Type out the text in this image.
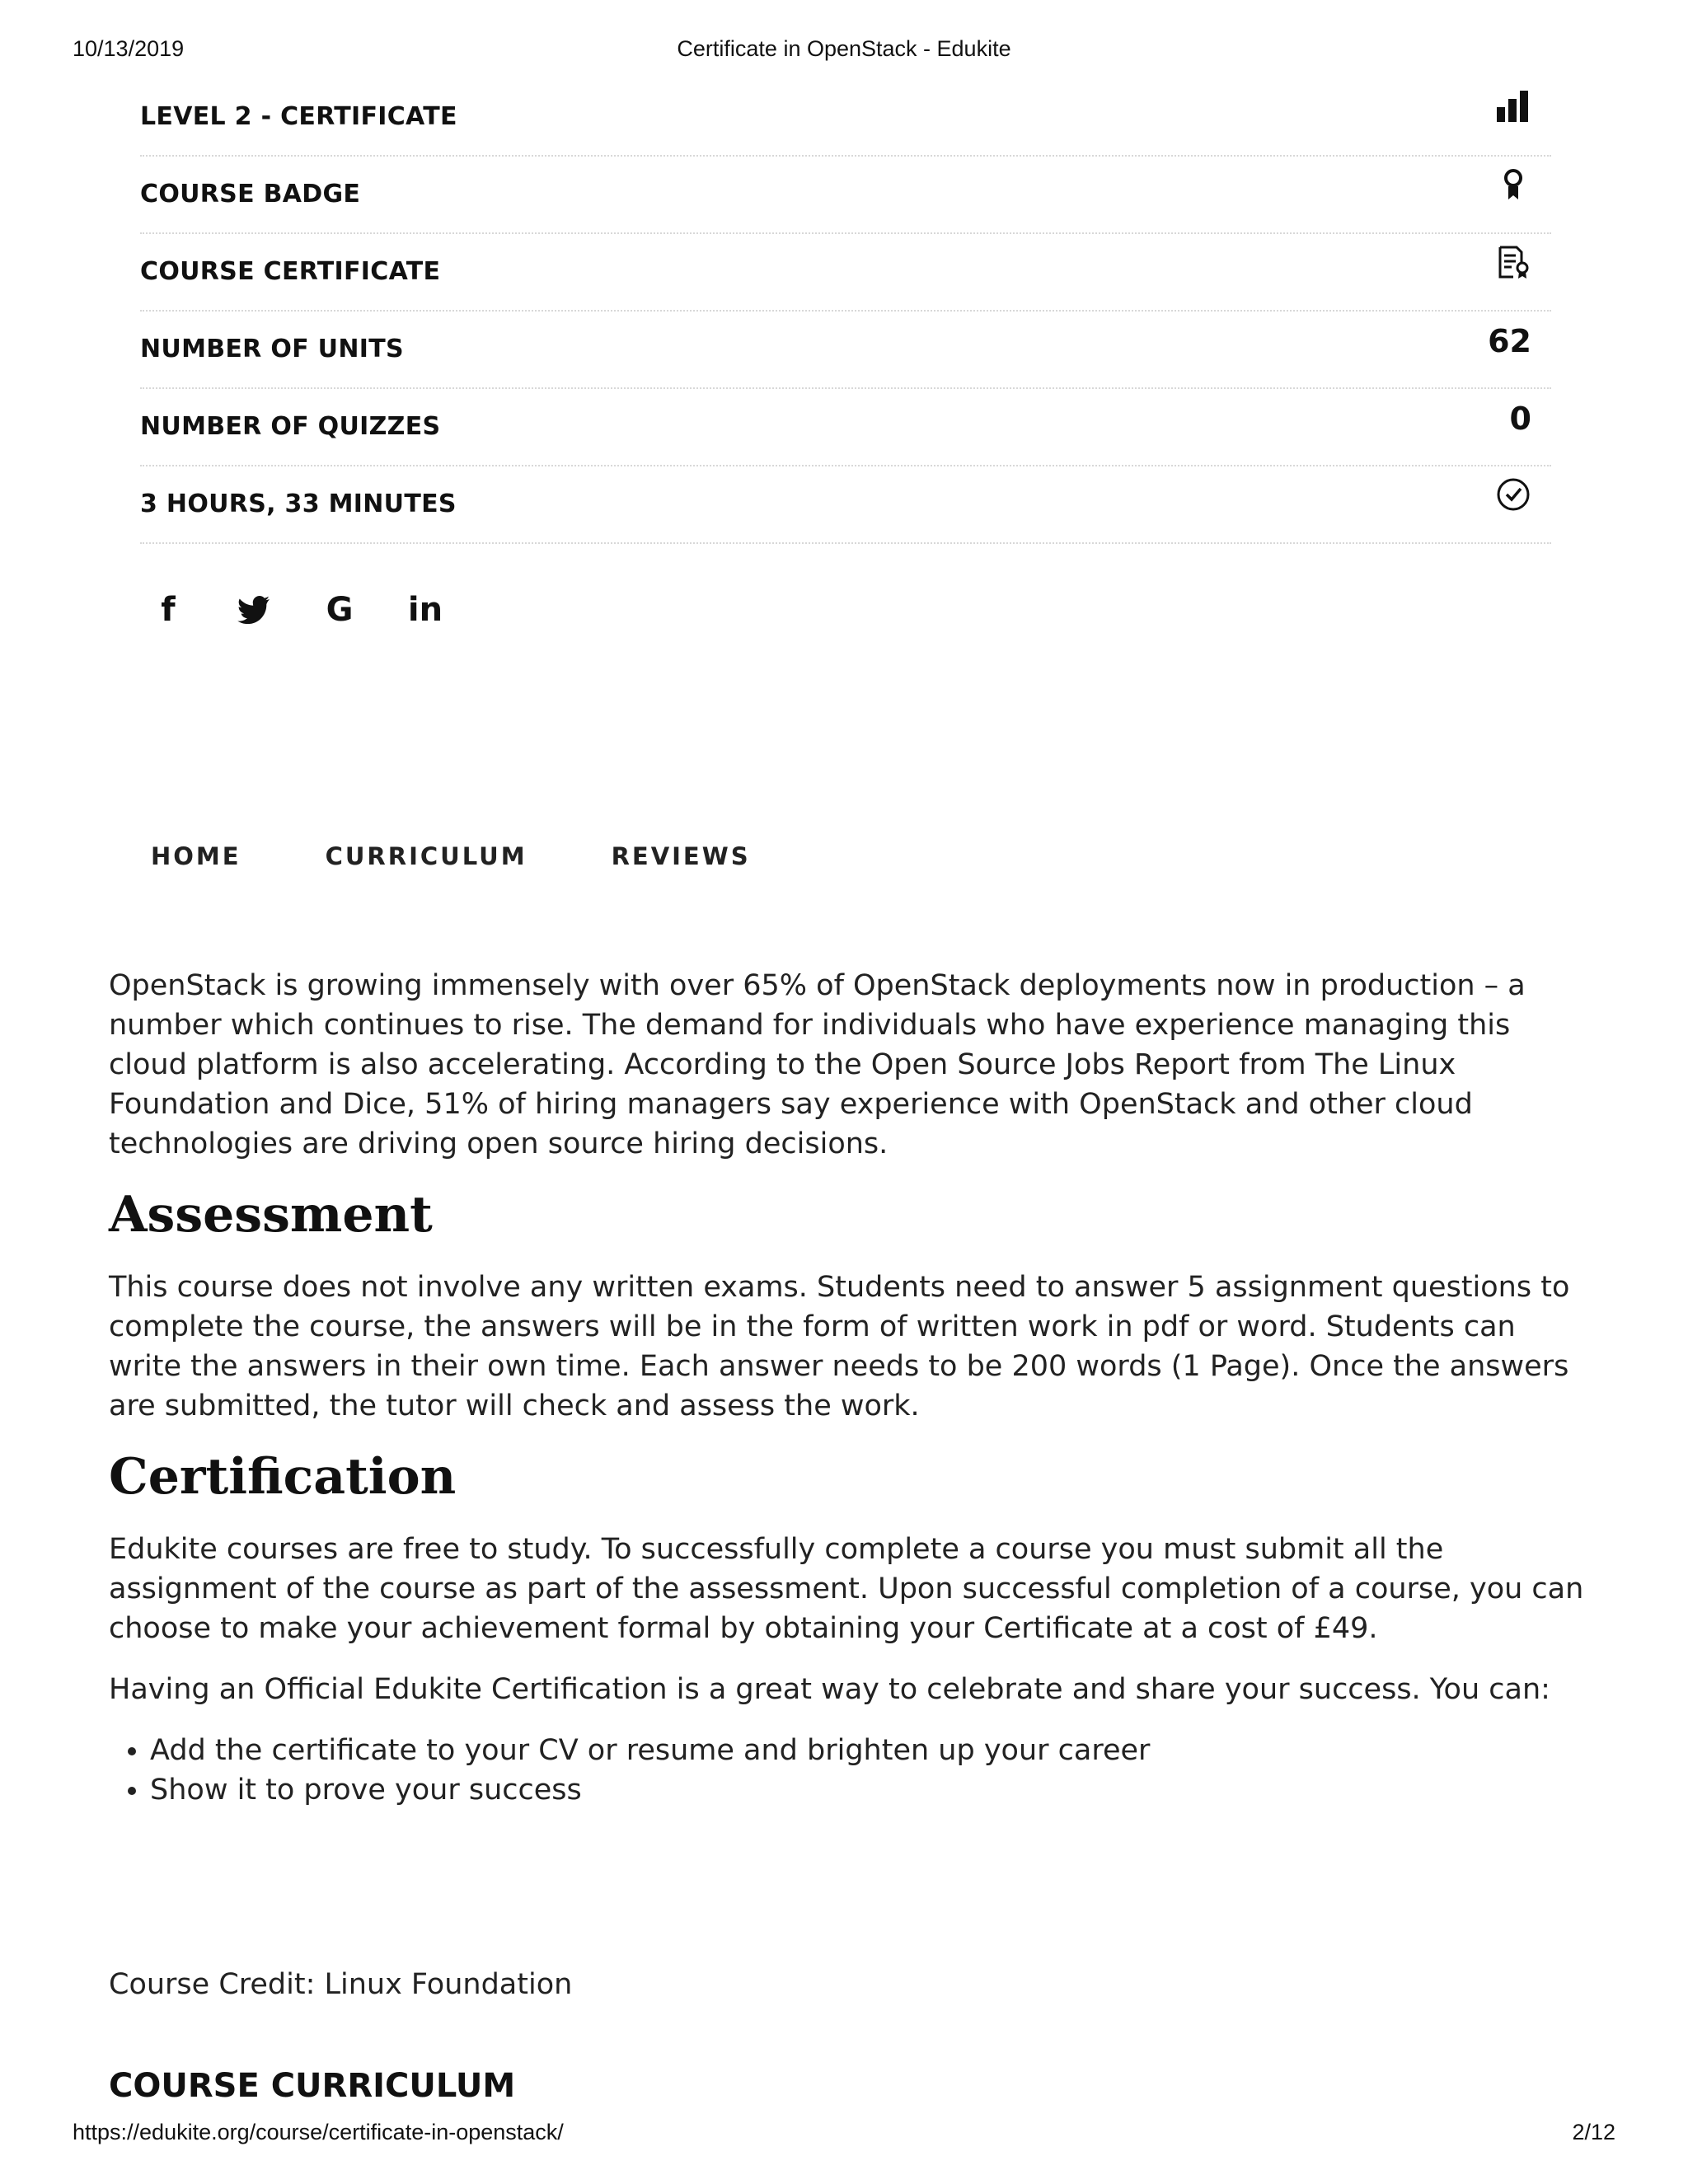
10/13/2019	Certificate in OpenStack - Edukite
LEVEL 2 - CERTIFICATE
COURSE BADGE
COURSE CERTIFICATE
NUMBER OF UNITS	62
NUMBER OF QUIZZES	0
3 HOURS, 33 MINUTES
f	G in
HOME	CURRICULUM	REVIEWS

OpenStack is growing immensely with over 65% of OpenStack deployments now in production – a number which continues to rise. The demand for individuals who have experience managing this cloud platform is also accelerating. According to the Open Source Jobs Report from The Linux Foundation and Dice, 51% of hiring managers say experience with OpenStack and other cloud technologies are driving open source hiring decisions.

Assessment

This course does not involve any written exams. Students need to answer 5 assignment questions to complete the course, the answers will be in the form of written work in pdf or word. Students can write the answers in their own time. Each answer needs to be 200 words (1 Page). Once the answers are submitted, the tutor will check and assess the work.

Certification

Edukite courses are free to study. To successfully complete a course you must submit all the assignment of the course as part of the assessment. Upon successful completion of a course, you can choose to make your achievement formal by obtaining your Certificate at a cost of £49.

Having an Official Edukite Certification is a great way to celebrate and share your success. You can:

• Add the certificate to your CV or resume and brighten up your career
• Show it to prove your success
Course Credit: Linux Foundation
COURSE CURRICULUM
https://edukite.org/course/certificate-in-openstack/	2/12
